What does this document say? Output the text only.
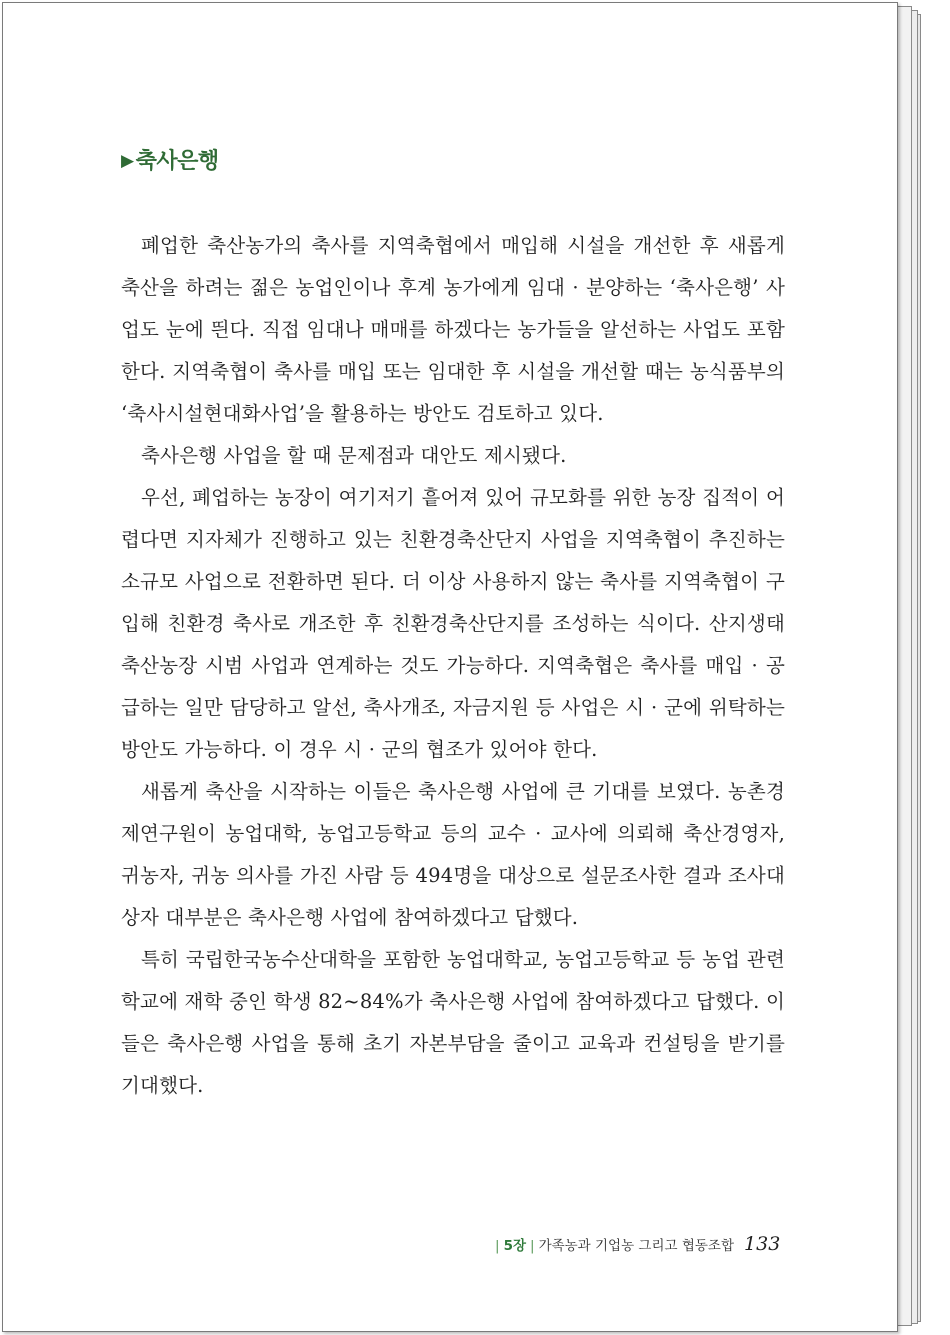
▶축사은행

폐업한 축산농가의 축사를 지역축협에서 매입해 시설을 개선한 후 새롭게 축산을 하려는 젊은 농업인이나 후계 농가에게 임대 · 분양하는 ‘축사은행’ 사업도 눈에 띈다. 직접 임대나 매매를 하겠다는 농가들을 알선하는 사업도 포함한다. 지역축협이 축사를 매입 또는 임대한 후 시설을 개선할 때는 농식품부의 ‘축사시설현대화사업’을 활용하는 방안도 검토하고 있다.

축사은행 사업을 할 때 문제점과 대안도 제시됐다.

우선, 폐업하는 농장이 여기저기 흩어져 있어 규모화를 위한 농장 집적이 어렵다면 지자체가 진행하고 있는 친환경축산단지 사업을 지역축협이 추진하는 소규모 사업으로 전환하면 된다. 더 이상 사용하지 않는 축사를 지역축협이 구입해 친환경 축사로 개조한 후 친환경축산단지를 조성하는 식이다. 산지생태축산농장 시범 사업과 연계하는 것도 가능하다. 지역축협은 축사를 매입 · 공급하는 일만 담당하고 알선, 축사개조, 자금지원 등 사업은 시 · 군에 위탁하는 방안도 가능하다. 이 경우 시 · 군의 협조가 있어야 한다.

새롭게 축산을 시작하는 이들은 축사은행 사업에 큰 기대를 보였다. 농촌경제연구원이 농업대학, 농업고등학교 등의 교수 · 교사에 의뢰해 축산경영자, 귀농자, 귀농 의사를 가진 사람 등 494명을 대상으로 설문조사한 결과 조사대상자 대부분은 축사은행 사업에 참여하겠다고 답했다.

특히 국립한국농수산대학을 포함한 농업대학교, 농업고등학교 등 농업 관련 학교에 재학 중인 학생 82~84%가 축사은행 사업에 참여하겠다고 답했다. 이들은 축사은행 사업을 통해 초기 자본부담을 줄이고 교육과 컨설팅을 받기를 기대했다.

| 5장 | 가족농과 기업농 그리고 협동조합 133
